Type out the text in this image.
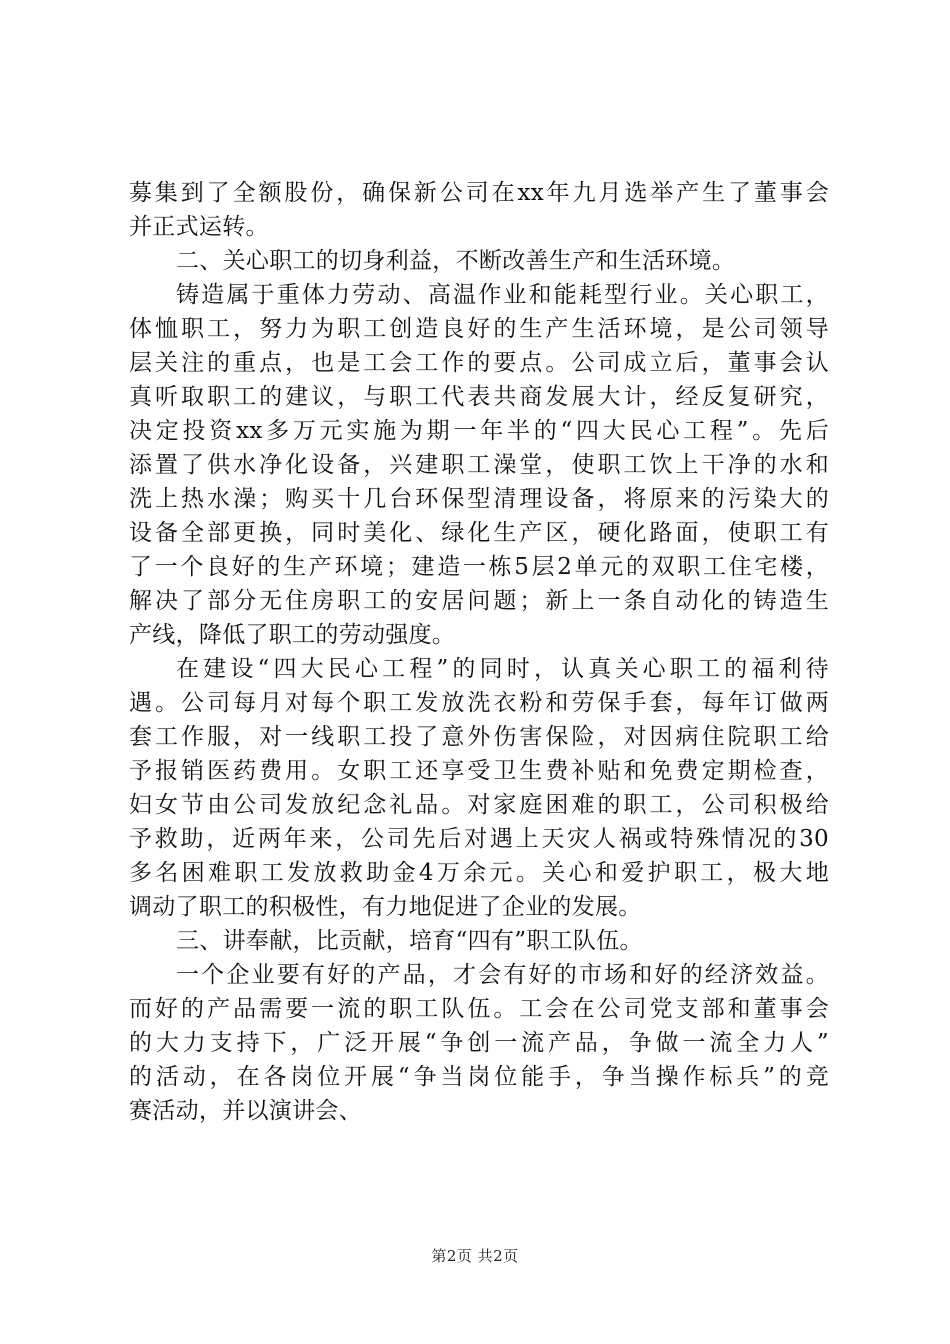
募集到了全额股份，确保新公司在xx年九月选举产生了董事会
并正式运转。
二、关心职工的切身利益，不断改善生产和生活环境。
铸造属于重体力劳动、高温作业和能耗型行业。关心职工，
体恤职工，努力为职工创造良好的生产生活环境，是公司领导
层关注的重点，也是工会工作的要点。公司成立后，董事会认
真听取职工的建议，与职工代表共商发展大计，经反复研究，
决定投资xx多万元实施为期一年半的“四大民心工程”。先后
添置了供水净化设备，兴建职工澡堂，使职工饮上干净的水和
洗上热水澡；购买十几台环保型清理设备，将原来的污染大的
设备全部更换，同时美化、绿化生产区，硬化路面，使职工有
了一个良好的生产环境；建造一栋5层2单元的双职工住宅楼，
解决了部分无住房职工的安居问题；新上一条自动化的铸造生
产线，降低了职工的劳动强度。
在建设“四大民心工程”的同时，认真关心职工的福利待
遇。公司每月对每个职工发放洗衣粉和劳保手套，每年订做两
套工作服，对一线职工投了意外伤害保险，对因病住院职工给
予报销医药费用。女职工还享受卫生费补贴和免费定期检查，
妇女节由公司发放纪念礼品。对家庭困难的职工，公司积极给
予救助，近两年来，公司先后对遇上天灾人祸或特殊情况的30
多名困难职工发放救助金4万余元。关心和爱护职工，极大地
调动了职工的积极性，有力地促进了企业的发展。
三、讲奉献，比贡献，培育“四有”职工队伍。
一个企业要有好的产品，才会有好的市场和好的经济效益。
而好的产品需要一流的职工队伍。工会在公司党支部和董事会
的大力支持下，广泛开展“争创一流产品，争做一流全力人”
的活动，在各岗位开展“争当岗位能手，争当操作标兵”的竞
赛活动，并以演讲会、
第2页 共2页
